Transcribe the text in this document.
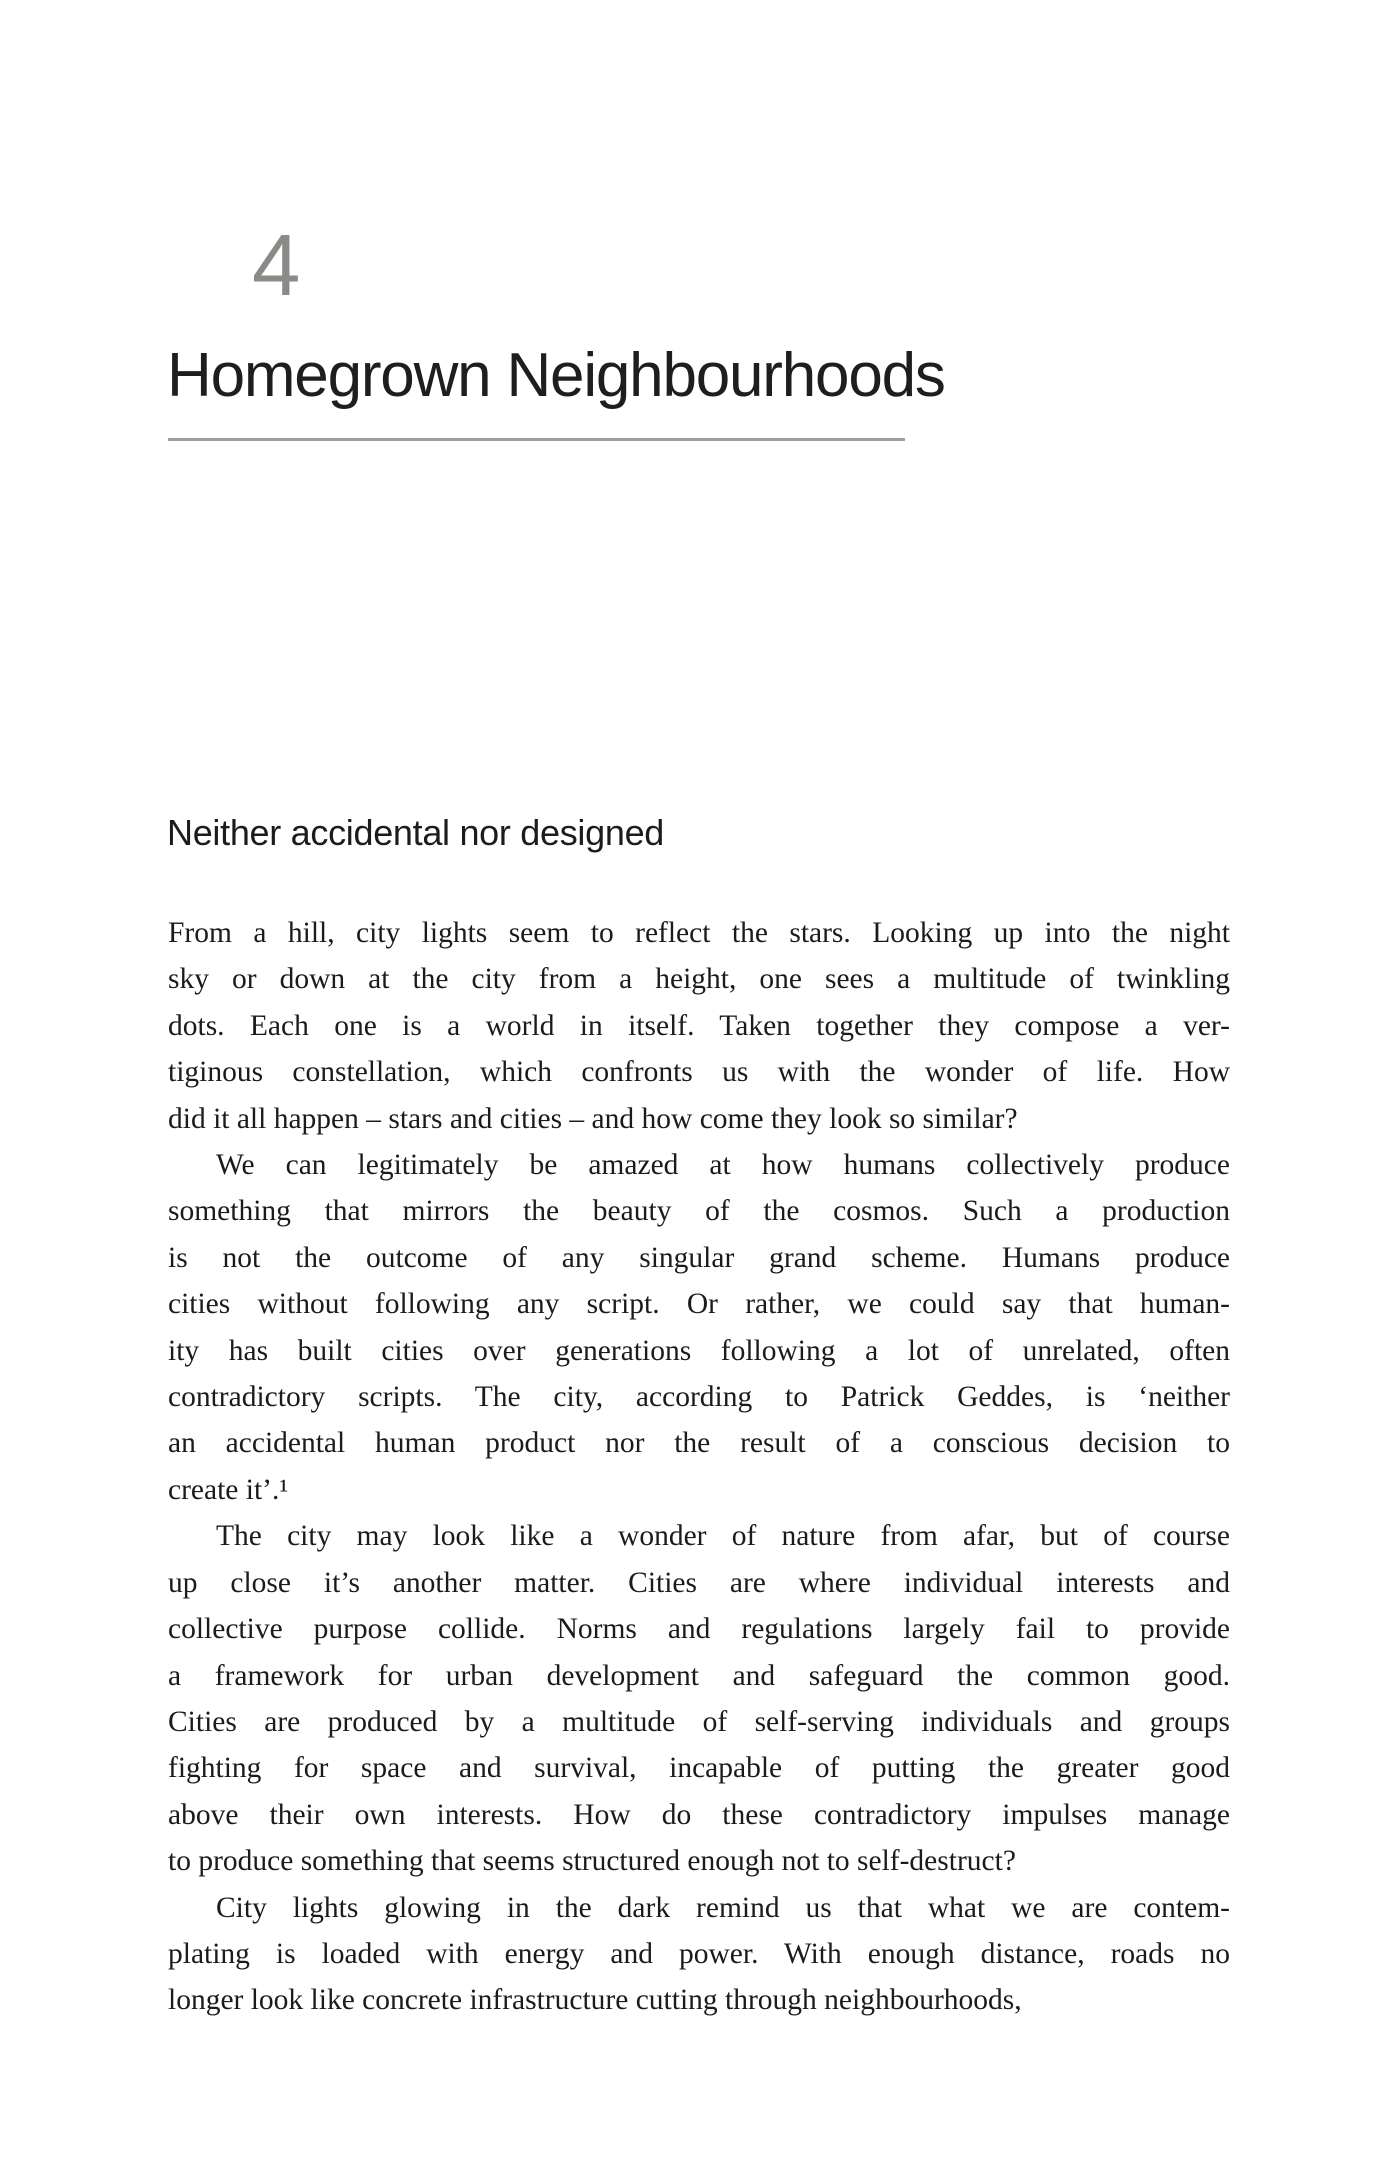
4
Homegrown Neighbourhoods
Neither accidental nor designed
From a hill, city lights seem to reflect the stars. Looking up into the night
sky or down at the city from a height, one sees a multitude of twinkling
dots. Each one is a world in itself. Taken together they compose a ver-
tiginous constellation, which confronts us with the wonder of life. How
did it all happen – stars and cities – and how come they look so similar?
We can legitimately be amazed at how humans collectively produce
something that mirrors the beauty of the cosmos. Such a production
is not the outcome of any singular grand scheme. Humans produce
cities without following any script. Or rather, we could say that human-
ity has built cities over generations following a lot of unrelated, often
contradictory scripts. The city, according to Patrick Geddes, is ‘neither
an accidental human product nor the result of a conscious decision to
create it’.¹
The city may look like a wonder of nature from afar, but of course
up close it’s another matter. Cities are where individual interests and
collective purpose collide. Norms and regulations largely fail to provide
a framework for urban development and safeguard the common good.
Cities are produced by a multitude of self-serving individuals and groups
fighting for space and survival, incapable of putting the greater good
above their own interests. How do these contradictory impulses manage
to produce something that seems structured enough not to self-destruct?
City lights glowing in the dark remind us that what we are contem-
plating is loaded with energy and power. With enough distance, roads no
longer look like concrete infrastructure cutting through neighbourhoods,
